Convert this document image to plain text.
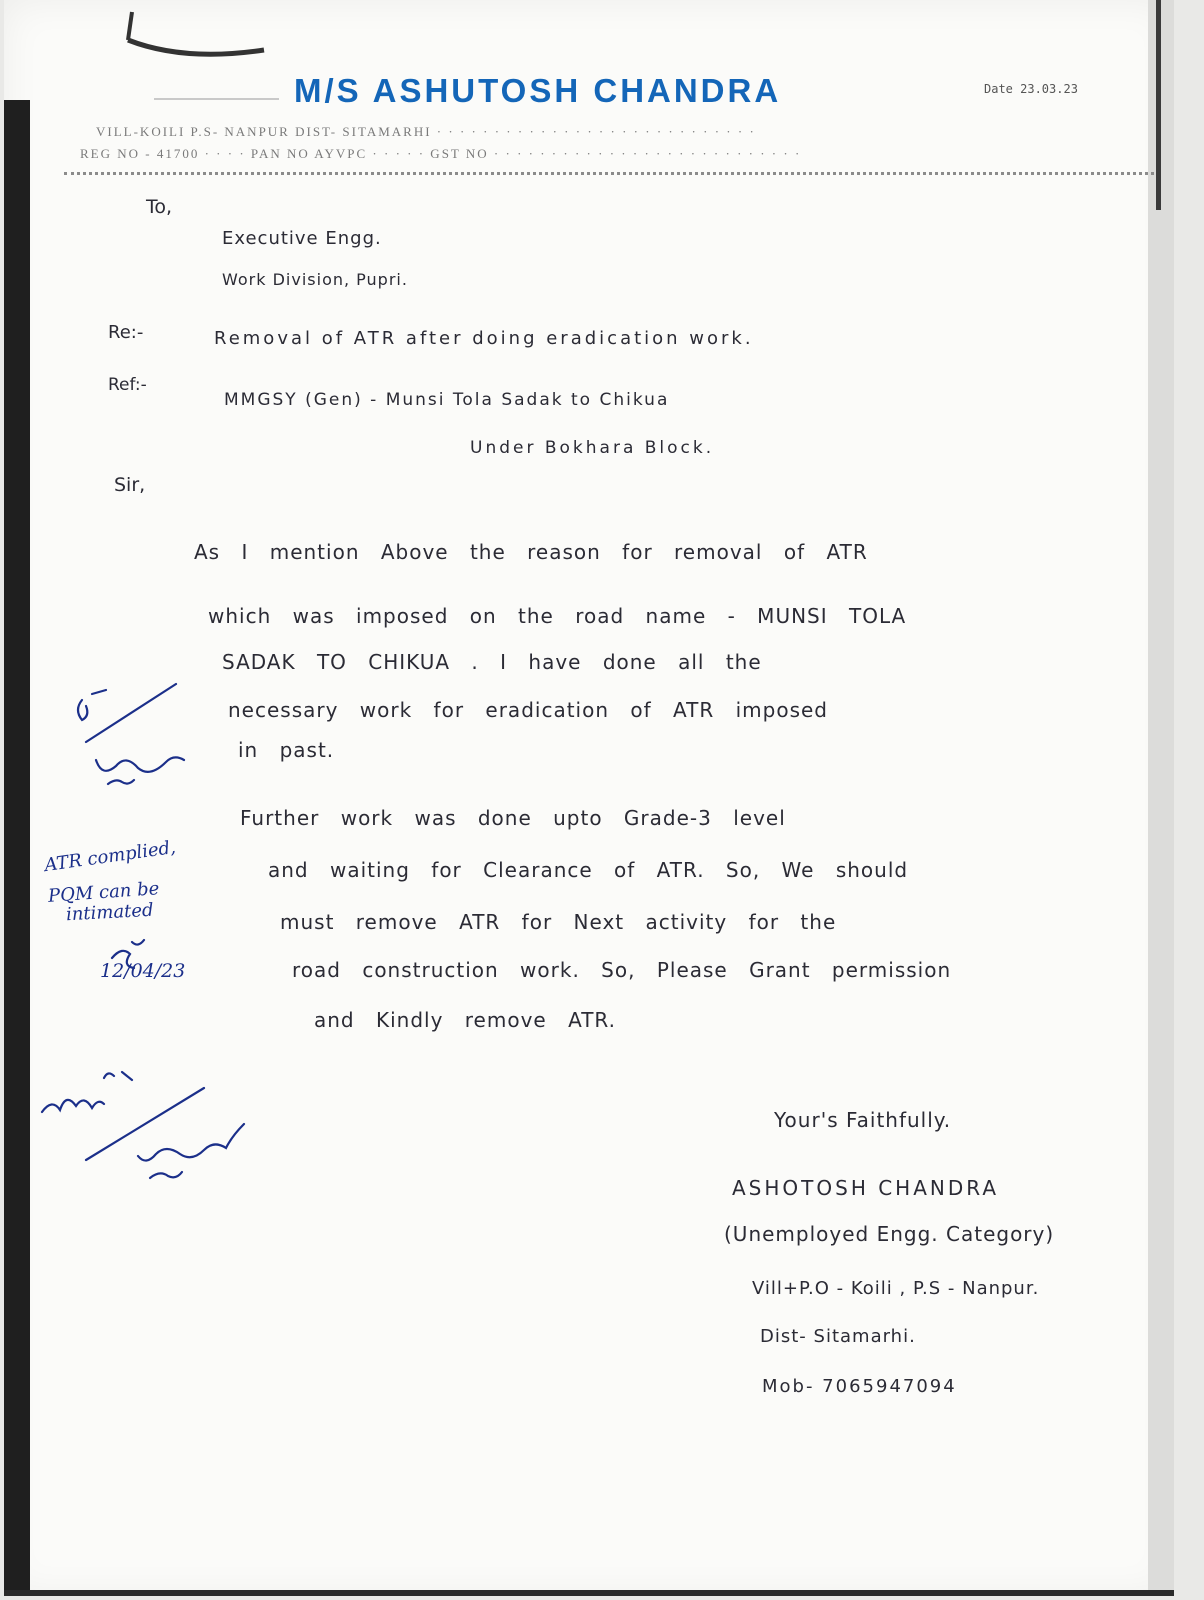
M/S ASHUTOSH CHANDRA	Date 23.03.23
VILL-KOILI P.S- NANPUR DIST- SITAMARHI · · · · · · · · · · · · · · · · · · · · · · · · · · · ·
REG NO - 41700 · · · · PAN NO AYVPC · · · · · GST NO · · · · · · · · · · · · · · · · · · · · · · · · · · ·
To,
Executive Engg.
Work Division, Pupri.
Re:-	Removal of ATR after doing eradication work.
Ref:-
MMGSY (Gen) - Munsi Tola Sadak to Chikua
Under Bokhara Block.
Sir,
As I mention Above the reason for removal of ATR
which was imposed on the road name - MUNSI TOLA
SADAK TO CHIKUA . I have done all the
necessary work for eradication of ATR imposed
in past.
Further work was done upto Grade-3 level
and waiting for Clearance of ATR. So, We should
must remove ATR for Next activity for the
road construction work. So, Please Grant permission
and Kindly remove ATR.
Your's Faithfully.
ASHOTOSH CHANDRA
(Unemployed Engg. Category)
Vill+P.O - Koili , P.S - Nanpur.
Dist- Sitamarhi.
Mob- 7065947094
ATR complied,
PQM can be
intimated
12/04/23
